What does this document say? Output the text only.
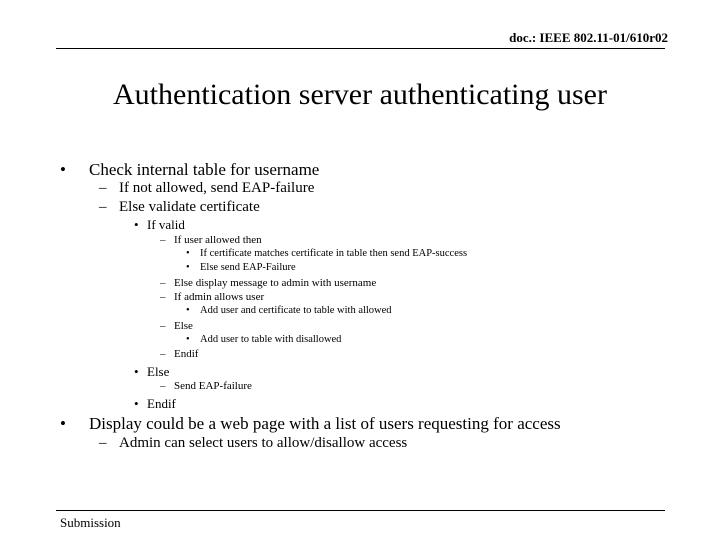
doc.: IEEE 802.11-01/610r02
Authentication server authenticating user
• Check internal table for username
– If not allowed, send EAP-failure
– Else validate certificate
• If valid
– If user allowed then
• If certificate matches certificate in table then send EAP-success
• Else send EAP-Failure
– Else display message to admin with username
– If admin allows user
• Add user and certificate to table with allowed
– Else
• Add user to table with disallowed
– Endif
• Else
– Send EAP-failure
• Endif
• Display could be a web page with a list of users requesting for access
– Admin can select users to allow/disallow access
Submission
